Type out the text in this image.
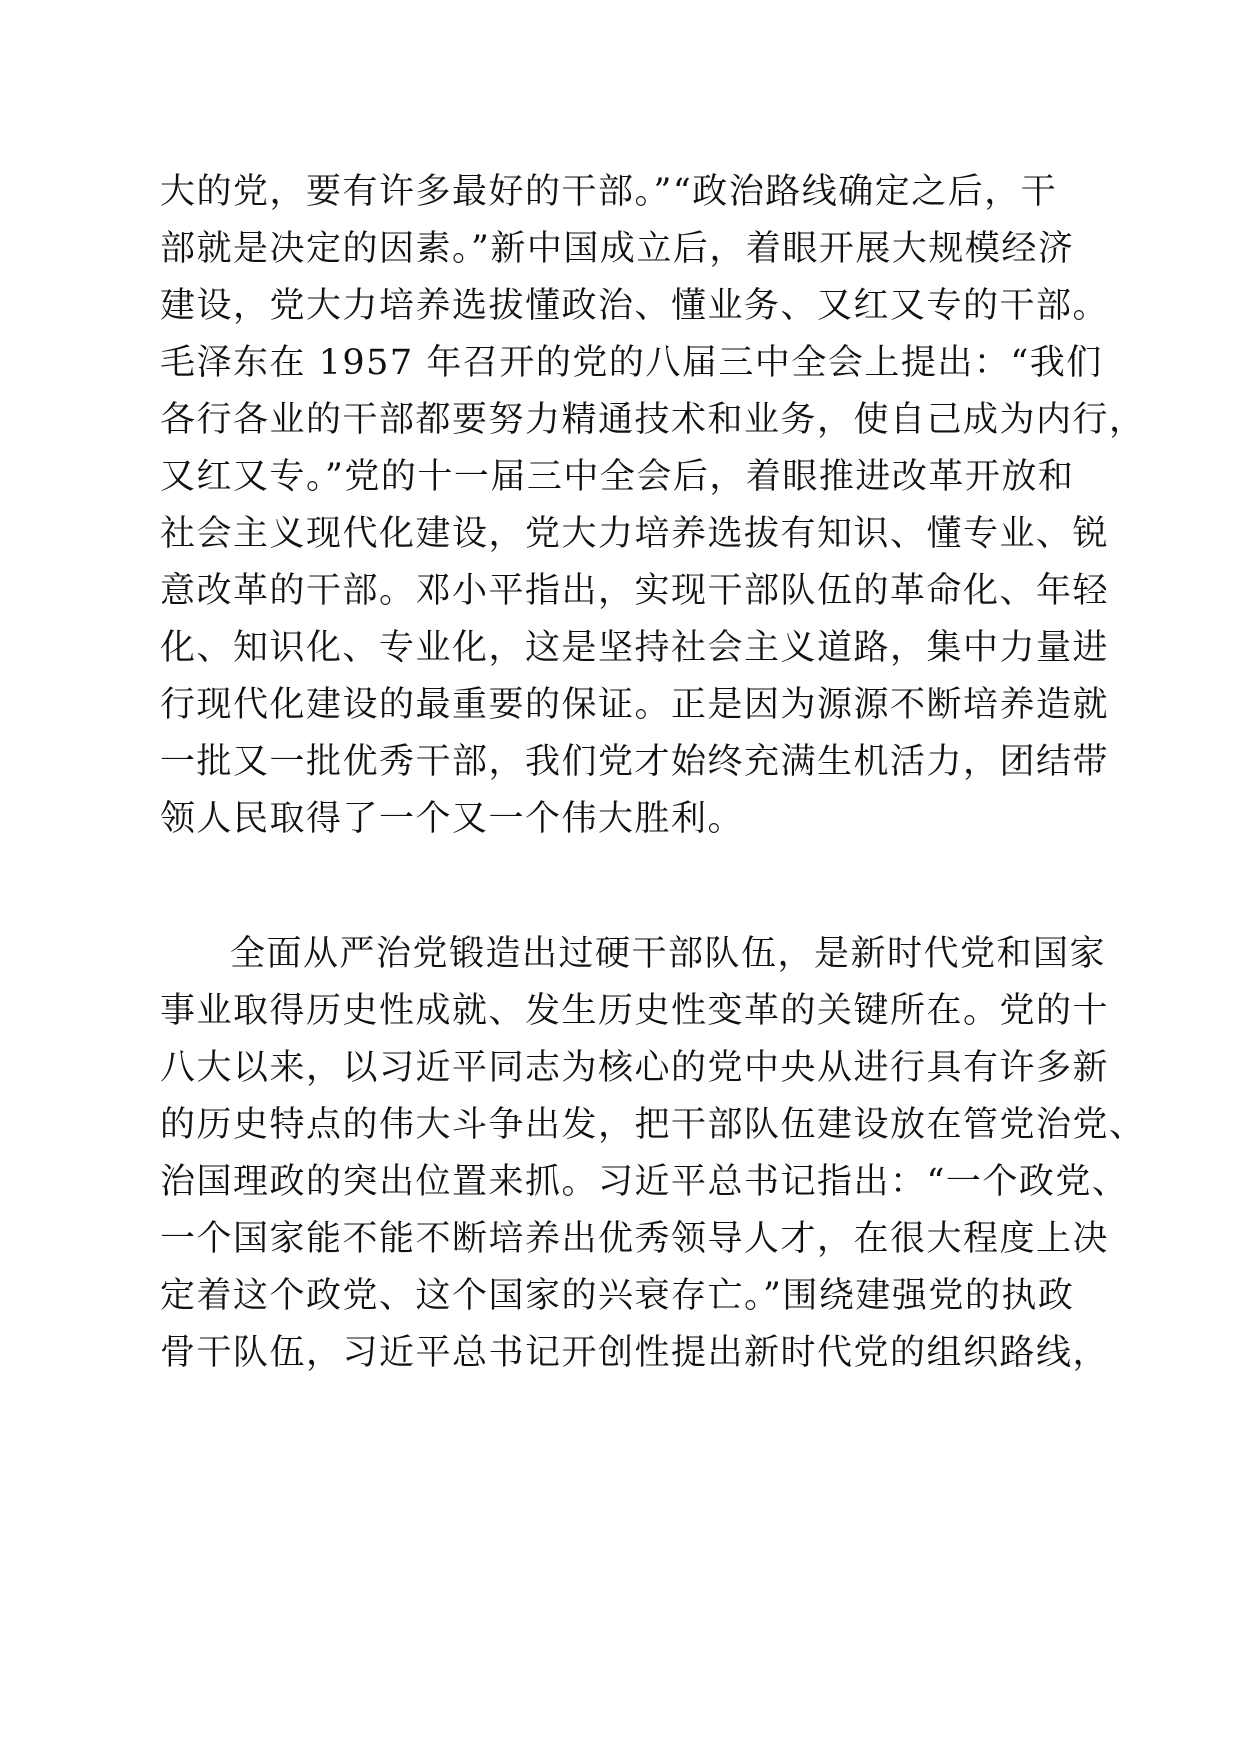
大的党，要有许多最好的干部。”“政治路线确定之后，干
部就是决定的因素。”新中国成立后，着眼开展大规模经济
建设，党大力培养选拔懂政治、懂业务、又红又专的干部。
毛泽东在 1957 年召开的党的八届三中全会上提出：“我们
各行各业的干部都要努力精通技术和业务，使自己成为内行，
又红又专。”党的十一届三中全会后，着眼推进改革开放和
社会主义现代化建设，党大力培养选拔有知识、懂专业、锐
意改革的干部。邓小平指出，实现干部队伍的革命化、年轻
化、知识化、专业化，这是坚持社会主义道路，集中力量进
行现代化建设的最重要的保证。正是因为源源不断培养造就
一批又一批优秀干部，我们党才始终充满生机活力，团结带
领人民取得了一个又一个伟大胜利。
全面从严治党锻造出过硬干部队伍，是新时代党和国家
事业取得历史性成就、发生历史性变革的关键所在。党的十
八大以来，以习近平同志为核心的党中央从进行具有许多新
的历史特点的伟大斗争出发，把干部队伍建设放在管党治党、
治国理政的突出位置来抓。习近平总书记指出：“一个政党、
一个国家能不能不断培养出优秀领导人才，在很大程度上决
定着这个政党、这个国家的兴衰存亡。”围绕建强党的执政
骨干队伍，习近平总书记开创性提出新时代党的组织路线，
